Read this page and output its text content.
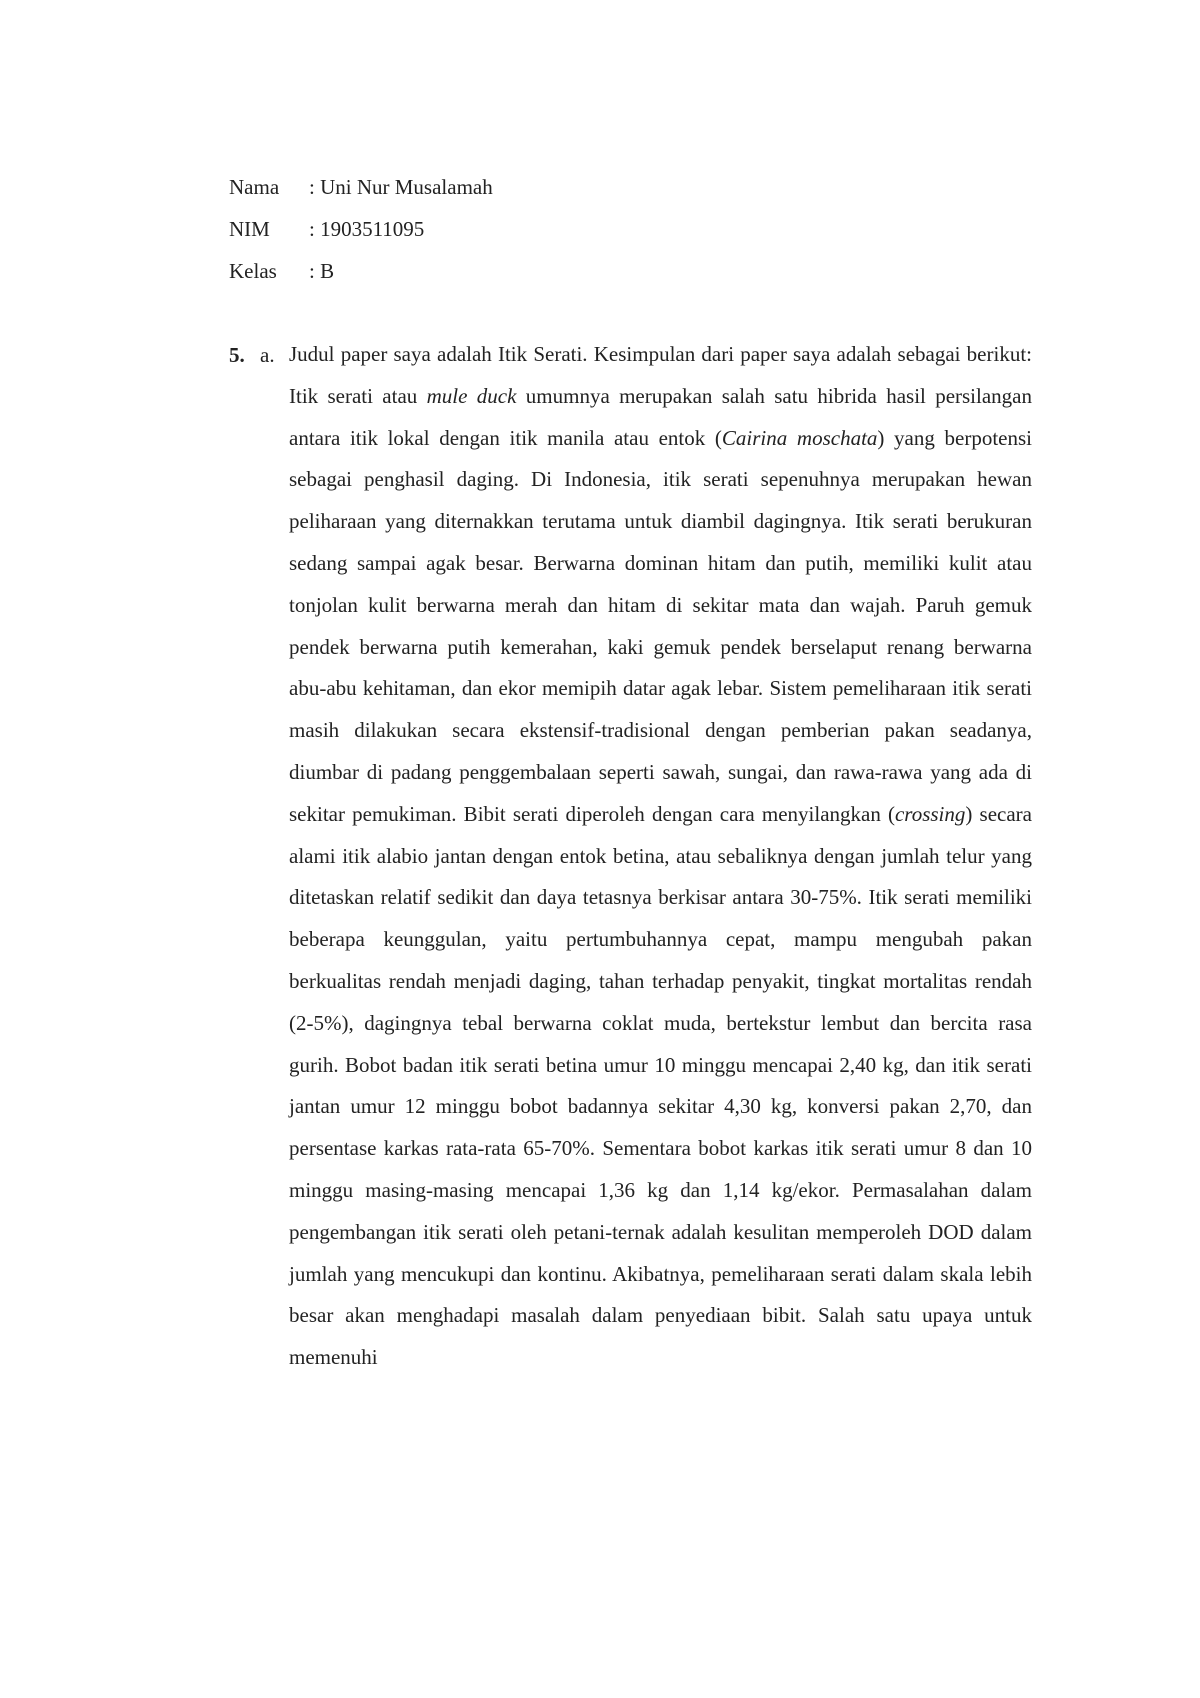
Nama	: Uni Nur Musalamah
NIM	: 1903511095
Kelas	: B
5. a. Judul paper saya adalah Itik Serati. Kesimpulan dari paper saya adalah sebagai berikut: Itik serati atau mule duck umumnya merupakan salah satu hibrida hasil persilangan antara itik lokal dengan itik manila atau entok (Cairina moschata) yang berpotensi sebagai penghasil daging. Di Indonesia, itik serati sepenuhnya merupakan hewan peliharaan yang diternakkan terutama untuk diambil dagingnya. Itik serati berukuran sedang sampai agak besar. Berwarna dominan hitam dan putih, memiliki kulit atau tonjolan kulit berwarna merah dan hitam di sekitar mata dan wajah. Paruh gemuk pendek berwarna putih kemerahan, kaki gemuk pendek berselaput renang berwarna abu-abu kehitaman, dan ekor memipih datar agak lebar. Sistem pemeliharaan itik serati masih dilakukan secara ekstensif-tradisional dengan pemberian pakan seadanya, diumbar di padang penggembalaan seperti sawah, sungai, dan rawa-rawa yang ada di sekitar pemukiman. Bibit serati diperoleh dengan cara menyilangkan (crossing) secara alami itik alabio jantan dengan entok betina, atau sebaliknya dengan jumlah telur yang ditetaskan relatif sedikit dan daya tetasnya berkisar antara 30-75%. Itik serati memiliki beberapa keunggulan, yaitu pertumbuhannya cepat, mampu mengubah pakan berkualitas rendah menjadi daging, tahan terhadap penyakit, tingkat mortalitas rendah (2-5%), dagingnya tebal berwarna coklat muda, bertekstur lembut dan bercita rasa gurih. Bobot badan itik serati betina umur 10 minggu mencapai 2,40 kg, dan itik serati jantan umur 12 minggu bobot badannya sekitar 4,30 kg, konversi pakan 2,70, dan persentase karkas rata-rata 65-70%. Sementara bobot karkas itik serati umur 8 dan 10 minggu masing-masing mencapai 1,36 kg dan 1,14 kg/ekor. Permasalahan dalam pengembangan itik serati oleh petani-ternak adalah kesulitan memperoleh DOD dalam jumlah yang mencukupi dan kontinu. Akibatnya, pemeliharaan serati dalam skala lebih besar akan menghadapi masalah dalam penyediaan bibit. Salah satu upaya untuk memenuhi
